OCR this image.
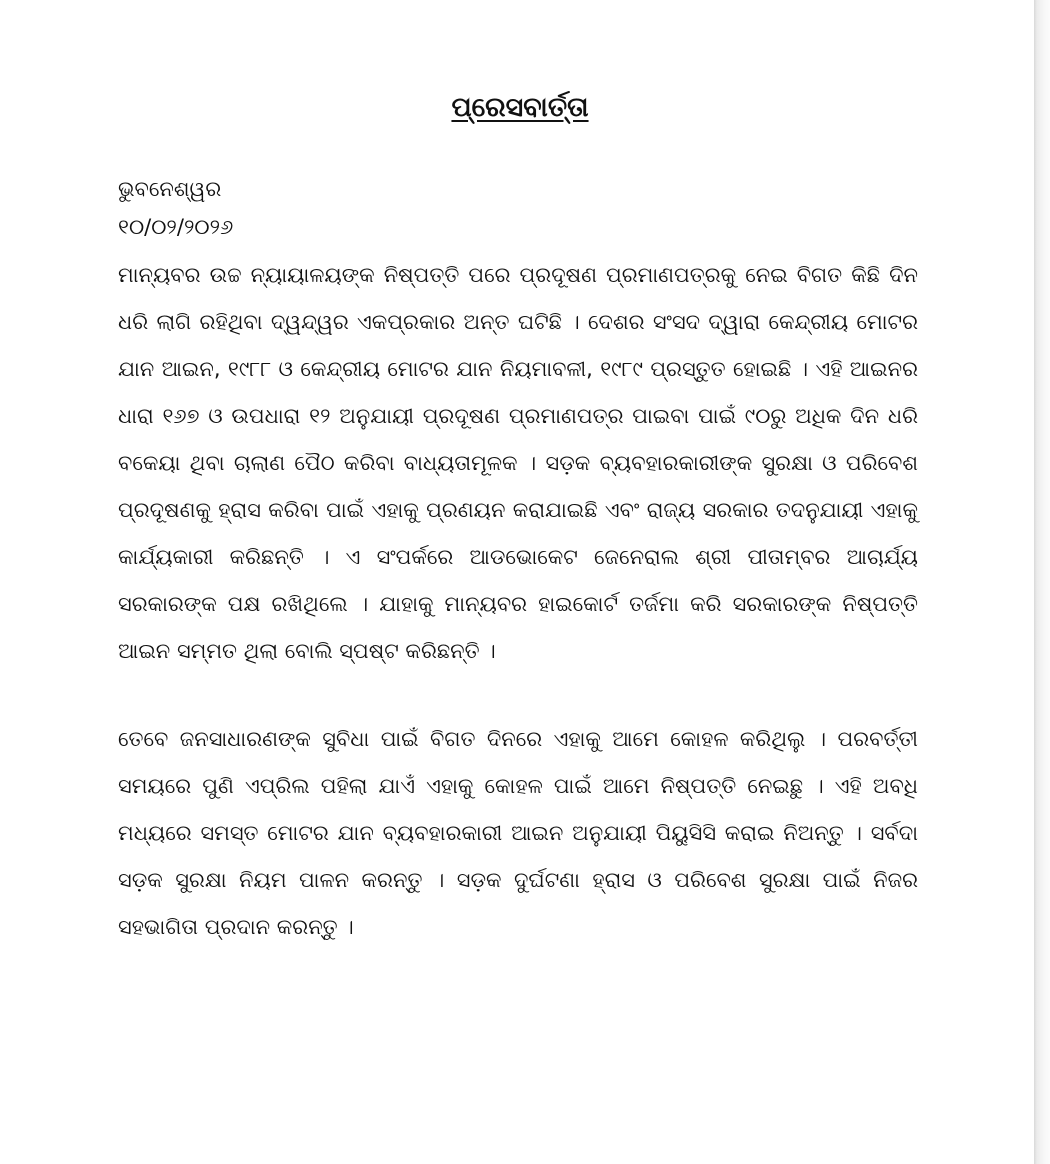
ପ୍ରେସବାର୍ତ୍ତା
ଭୁବନେଶ୍ୱର
୧୦/୦୨/୨୦୨୬
ମାନ୍ୟବର ଉଚ୍ଚ ନ୍ୟାୟାଳୟଙ୍କ ନିଷ୍ପତ୍ତି ପରେ ପ୍ରଦୂଷଣ ପ୍ରମାଣପତ୍ରକୁ ନେଇ ବିଗତ କିଛି ଦିନ ଧରି ଲାଗି ରହିଥିବା ଦ୍ୱନ୍ଦ୍ୱର ଏକପ୍ରକାର ଅନ୍ତ ଘଟିଛି । ଦେଶର ସଂସଦ ଦ୍ୱାରା କେନ୍ଦ୍ରୀୟ ମୋଟର ଯାନ ଆଇନ, ୧୯୮୮ ଓ କେନ୍ଦ୍ରୀୟ ମୋଟର ଯାନ ନିୟମାବଳୀ, ୧୯୮୯ ପ୍ରସ୍ତୁତ ହୋଇଛି । ଏହି ଆଇନର ଧାରା ୧୬୭ ଓ ଉପଧାରା ୧୨ ଅନୁଯାୟୀ ପ୍ରଦୂଷଣ ପ୍ରମାଣପତ୍ର ପାଇବା ପାଇଁ ୯୦ରୁ ଅଧିକ ଦିନ ଧରି ବକେୟା ଥିବା ଚାଲାଣ ପୈଠ କରିବା ବାଧ୍ୟତାମୂଳକ । ସଡ଼କ ବ୍ୟବହାରକାରୀଙ୍କ ସୁରକ୍ଷା ଓ ପରିବେଶ ପ୍ରଦୂଷଣକୁ ହ୍ରାସ କରିବା ପାଇଁ ଏହାକୁ ପ୍ରଣୟନ କରାଯାଇଛି ଏବଂ ରାଜ୍ୟ ସରକାର ତଦନୁଯାୟୀ ଏହାକୁ କାର୍ଯ୍ୟକାରୀ କରିଛନ୍ତି । ଏ ସଂପର୍କରେ ଆଡଭୋକେଟ ଜେନେରାଲ ଶ୍ରୀ ପୀତାମ୍ବର ଆଚାର୍ଯ୍ୟ ସରକାରଙ୍କ ପକ୍ଷ ରଖିଥିଲେ । ଯାହାକୁ ମାନ୍ୟବର ହାଇକୋର୍ଟ ତର୍ଜମା କରି ସରକାରଙ୍କ ନିଷ୍ପତ୍ତି ଆଇନ ସମ୍ମତ ଥିଲା ବୋଲି ସ୍ପଷ୍ଟ କରିଛନ୍ତି ।
ତେବେ ଜନସାଧାରଣଙ୍କ ସୁବିଧା ପାଇଁ ବିଗତ ଦିନରେ ଏହାକୁ ଆମେ କୋହଳ କରିଥିଲୁ । ପରବର୍ତ୍ତୀ ସମୟରେ ପୁଣି ଏପ୍ରିଲ ପହିଲା ଯାଏଁ ଏହାକୁ କୋହଳ ପାଇଁ ଆମେ ନିଷ୍ପତ୍ତି ନେଇଛୁ । ଏହି ଅବଧି ମଧ୍ୟରେ ସମସ୍ତ ମୋଟର ଯାନ ବ୍ୟବହାରକାରୀ ଆଇନ ଅନୁଯାୟୀ ପିୟୁସିସି କରାଇ ନିଅନ୍ତୁ । ସର୍ବଦା ସଡ଼କ ସୁରକ୍ଷା ନିୟମ ପାଳନ କରନ୍ତୁ । ସଡ଼କ ଦୁର୍ଘଟଣା ହ୍ରାସ ଓ ପରିବେଶ ସୁରକ୍ଷା ପାଇଁ ନିଜର ସହଭାଗିତା ପ୍ରଦାନ କରନ୍ତୁ ।
